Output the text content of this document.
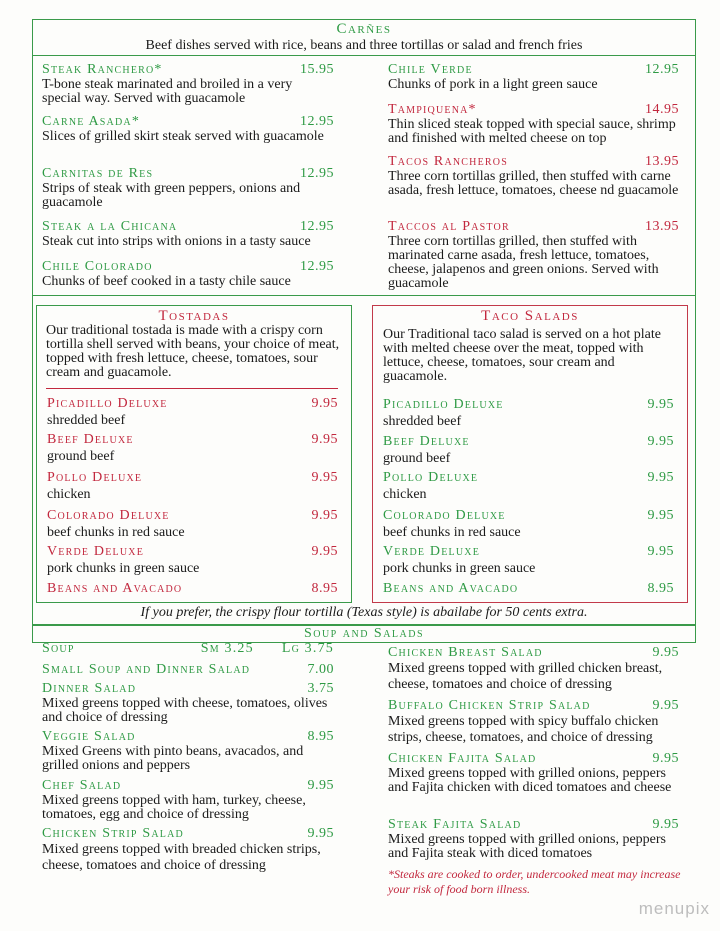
Carñes
Beef dishes served with rice, beans and three tortillas or salad and french fries
Steak Ranchero*	15.95
T-bone steak marinated and broiled in a very special way. Served with guacamole
Carne Asada*	12.95
Slices of grilled skirt steak served with guacamole
Carnitas de Res	12.95
Strips of steak with green peppers, onions and guacamole
Steak a la Chicana	12.95
Steak cut into strips with onions in a tasty sauce
Chile Colorado	12.95
Chunks of beef cooked in a tasty chile sauce
Chile Verde	12.95
Chunks of pork in a light green sauce
Tampiquena*	14.95
Thin sliced steak topped with special sauce, shrimp and finished with melted cheese on top
Tacos Rancheros	13.95
Three corn tortillas grilled, then stuffed with carne asada, fresh lettuce, tomatoes, cheese nd guacamole
Taccos al Pastor	13.95
Three corn tortillas grilled, then stuffed with marinated carne asada, fresh lettuce, tomatoes, cheese, jalapenos and green onions. Served with guacamole
Tostadas
Our traditional tostada is made with a crispy corn tortilla shell served with beans, your choice of meat, topped with fresh lettuce, cheese, tomatoes, sour cream and guacamole.
Picadillo Deluxe	9.95
shredded beef
Beef Deluxe	9.95
ground beef
Pollo Deluxe	9.95
chicken
Colorado Deluxe	9.95
beef chunks in red sauce
Verde Deluxe	9.95
pork chunks in green sauce
Beans and Avacado	8.95
Taco Salads
Our Traditional taco salad is served on a hot plate with melted cheese over the meat, topped with lettuce, cheese, tomatoes, sour cream and guacamole.
Picadillo Deluxe	9.95
shredded beef
Beef Deluxe	9.95
ground beef
Pollo Deluxe	9.95
chicken
Colorado Deluxe	9.95
beef chunks in red sauce
Verde Deluxe	9.95
pork chunks in green sauce
Beans and Avacado	8.95
If you prefer, the crispy flour tortilla (Texas style) is abailabe for 50 cents extra.
Soup and Salads
Soup	Sm 3.25 Lg 3.75
Small Soup and Dinner Salad	7.00
Dinner Salad	3.75
Mixed greens topped with cheese, tomatoes, olives and choice of dressing
Veggie Salad	8.95
Mixed Greens with pinto beans, avacados, and grilled onions and peppers
Chef Salad	9.95
Mixed greens topped with ham, turkey, cheese, tomatoes, egg and choice of dressing
Chicken Strip Salad	9.95
Mixed greens topped with breaded chicken strips, cheese, tomatoes and choice of dressing
Chicken Breast Salad	9.95
Mixed greens topped with grilled chicken breast, cheese, tomatoes and choice of dressing
Buffalo Chicken Strip Salad	9.95
Mixed greens topped with spicy buffalo chicken strips, cheese, tomatoes, and choice of dressing
Chicken Fajita Salad	9.95
Mixed greens topped with grilled onions, peppers and Fajita chicken with diced tomatoes and cheese
Steak Fajita Salad	9.95
Mixed greens topped with grilled onions, peppers and Fajita steak with diced tomatoes
*Steaks are cooked to order, undercooked meat may increase your risk of food born illness.
menupix
